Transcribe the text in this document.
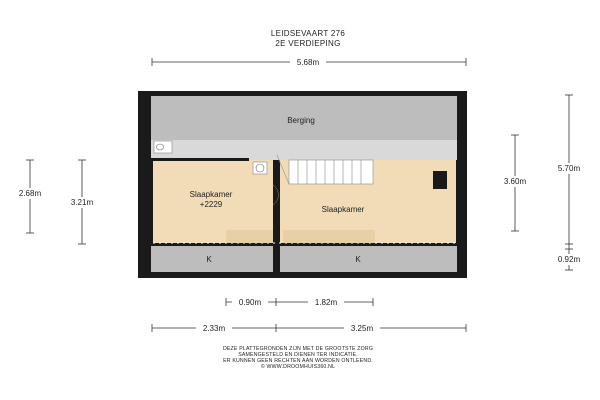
LEIDSEVAART 276
2E VERDIEPING
5.68m
Berging
Slaapkamer
+2229
Slaapkamer
K	K
2.68m
3.21m
3.60m
5.70m
0.92m
0.90m	1.82m
2.33m	3.25m
DEZE PLATTEGRONDEN ZIJN MET DE GROOTSTE ZORG
SAMENGESTELD EN DIENEN TER INDICATIE.
ER KUNNEN GEEN RECHTEN AAN WORDEN ONTLEEND.
© WWW.DROOMHUIS360.NL
